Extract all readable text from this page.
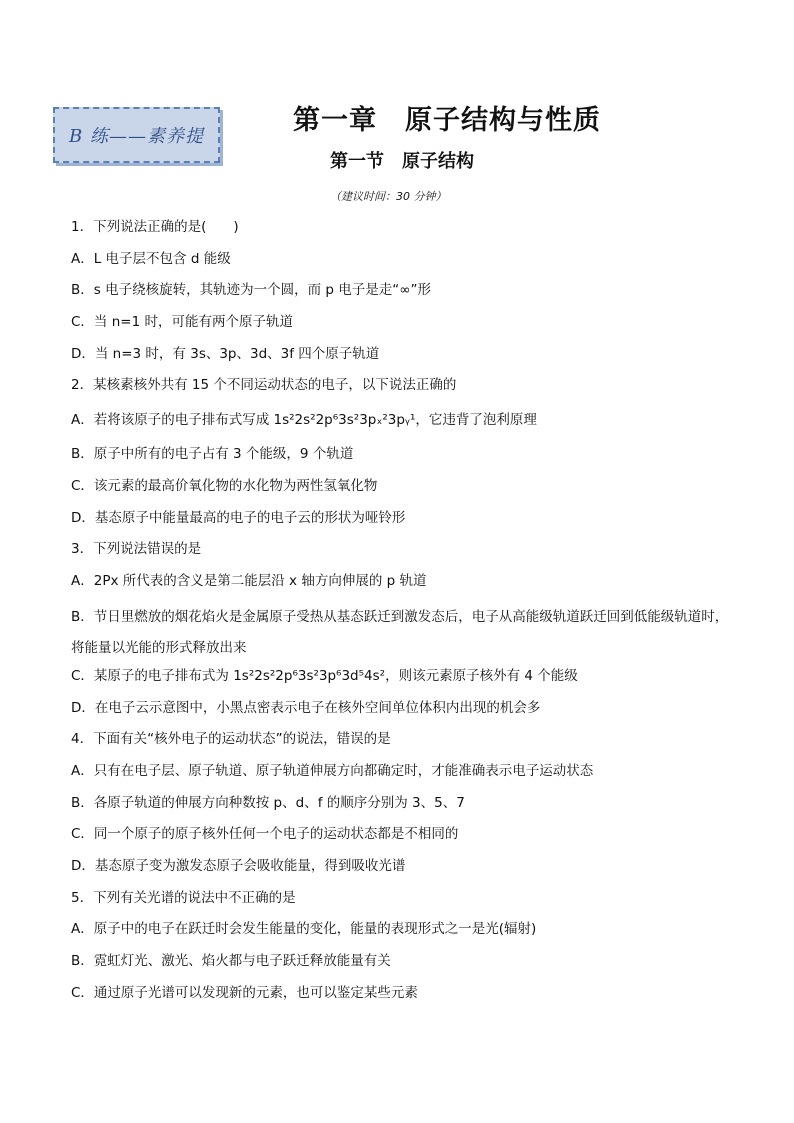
B 练——素养提
第一章　原子结构与性质
第一节　原子结构
（建议时间：30 分钟）
1．下列说法正确的是(　　)
A．L 电子层不包含 d 能级
B．s 电子绕核旋转，其轨迹为一个圆，而 p 电子是走“∞”形
C．当 n=1 时，可能有两个原子轨道
D．当 n=3 时，有 3s、3p、3d、3f 四个原子轨道
2．某核素核外共有 15 个不同运动状态的电子，以下说法正确的
A．若将该原子的电子排布式写成 1s²2s²2p⁶3s²3pₓ²3pᵧ¹，它违背了泡利原理
B．原子中所有的电子占有 3 个能级，9 个轨道
C．该元素的最高价氧化物的水化物为两性氢氧化物
D．基态原子中能量最高的电子的电子云的形状为哑铃形
3．下列说法错误的是
A．2Px 所代表的含义是第二能层沿 x 轴方向伸展的 p 轨道
B．节日里燃放的烟花焰火是金属原子受热从基态跃迁到激发态后，电子从高能级轨道跃迁回到低能级轨道时，将能量以光能的形式释放出来
C．某原子的电子排布式为 1s²2s²2p⁶3s²3p⁶3d⁵4s²，则该元素原子核外有 4 个能级
D．在电子云示意图中，小黑点密表示电子在核外空间单位体积内出现的机会多
4．下面有关“核外电子的运动状态”的说法，错误的是
A．只有在电子层、原子轨道、原子轨道伸展方向都确定时，才能准确表示电子运动状态
B．各原子轨道的伸展方向种数按 p、d、f 的顺序分别为 3、5、7
C．同一个原子的原子核外任何一个电子的运动状态都是不相同的
D．基态原子变为激发态原子会吸收能量，得到吸收光谱
5．下列有关光谱的说法中不正确的是
A．原子中的电子在跃迁时会发生能量的变化，能量的表现形式之一是光(辐射)
B．霓虹灯光、激光、焰火都与电子跃迁释放能量有关
C．通过原子光谱可以发现新的元素，也可以鉴定某些元素
